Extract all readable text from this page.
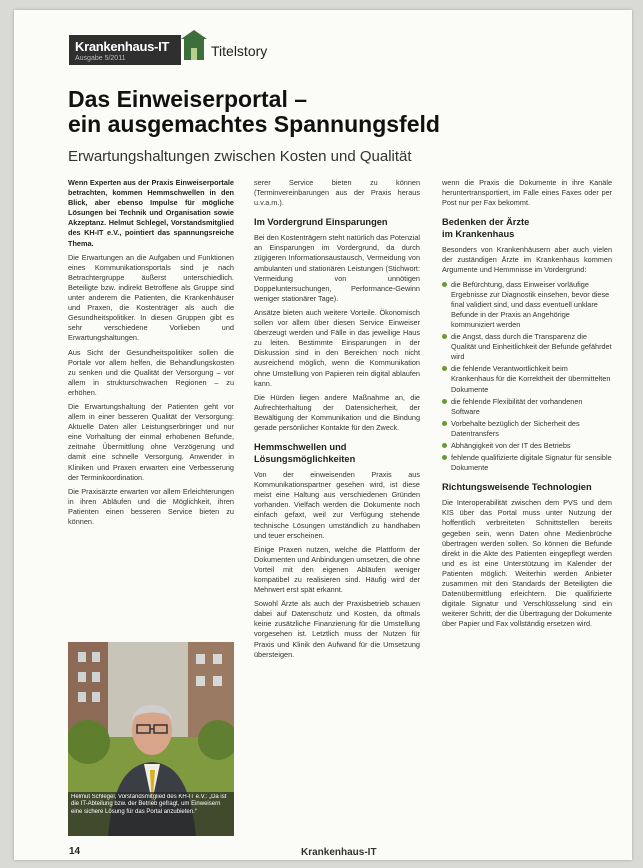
Krankenhaus-IT
Ausgabe 5/2011	Titelstory
Das Einweiserportal –
ein ausgemachtes Spannungsfeld
Erwartungshaltungen zwischen Kosten und Qualität

Wenn Experten aus der Praxis Einweiserportale betrachten, kommen Hemmschwellen in den Blick, aber ebenso Impulse für mögliche Lösungen bei Technik und Organisation sowie Akzeptanz. Helmut Schlegel, Vorstandsmitglied des KH-IT e.V., pointiert das spannungsreiche Thema.

Die Erwartungen an die Aufgaben und Funktionen eines Kommunikationsportals sind je nach Betrachtergruppe äußerst unterschiedlich. Beteiligte bzw. indirekt Betroffene als Gruppe sind unter anderem die Patienten, die Krankenhäuser und Praxen, die Kostenträger als auch die Gesundheitspolitiker. In diesen Gruppen gibt es sehr verschiedene Vorlieben und Erwartungshaltungen.

Aus Sicht der Gesundheitspolitiker sollen die Portale vor allem helfen, die Behandlungskosten zu senken und die Qualität der Versorgung – vor allem in strukturschwachen Regionen – zu erhöhen.

Die Erwartungshaltung der Patienten geht vor allem in einer besseren Qualität der Versorgung: Aktuelle Daten aller Leistungserbringer und nur eine Vorhaltung der einmal erhobenen Befunde, zeitnahe Übermittlung ohne Verzögerung und damit eine schnelle Versorgung. Anwender in Kliniken und Praxen erwarten eine Verbesserung der Terminkoordination.

Die Praxisärzte erwarten vor allem Erleichterungen in ihren Abläufen und die Möglichkeit, ihren Patienten einen besseren Service bieten zu können.

Helmut Schlegel, Vorstandsmitglied des KH-IT e.V.: „Da ist die IT-Abteilung bzw. der Betrieb gefragt, um Einweisern eine sichere Lösung für das Portal anzubieten.“

serer Service bieten zu können (Terminvereinbarungen aus der Praxis heraus u.v.a.m.).

Im Vordergrund Einsparungen

Bei den Kostenträgern steht natürlich das Potenzial an Einsparungen im Vordergrund, da durch zügigeren Informationsaustausch, Vermeidung von ambulanten und stationären Leistungen (Stichwort: Vermeidung von unnötigen Doppeluntersuchungen, Performance-Gewinn weniger stationärer Tage).

Ansätze bieten auch weitere Vorteile. Ökonomisch sollen vor allem über diesen Service Einweiser überzeugt werden und Fälle in das jeweilige Haus zu leiten. Bestimmte Einsparungen in der Diskussion sind in den Bereichen noch nicht ausreichend möglich, wenn die Kommunikation ohne Umstellung von Papieren rein digital ablaufen kann.

Die Hürden liegen andere Maßnahme an, die Aufrechterhaltung der Datensicherheit, der Bewältigung der Kommunikation und die Bindung gerade persönlicher Kontakte für den Zweck.

Hemmschwellen und
Lösungsmöglichkeiten

Von der einweisenden Praxis aus Kommunikationspartner gesehen wird, ist diese meist eine Haltung aus verschiedenen Gründen vorhanden. Vielfach werden die Dokumente noch einfach gefaxt, weil zur Verfügung stehende technische Lösungen umständlich zu handhaben und teuer erscheinen.

Einige Praxen nutzen, welche die Plattform der Dokumenten und Anbindungen umsetzen, die ohne Vorteil mit den eigenen Abläufen weniger kompatibel zu realisieren sind. Häufig wird der Mehrwert erst spät erkannt.

Sowohl Ärzte als auch der Praxisbetrieb schauen dabei auf Datenschutz und Kosten, da oftmals keine zusätzliche Finanzierung für die Umstellung vorgesehen ist. Letztlich muss der Nutzen für Praxis und Klinik den Aufwand für die Umsetzung übersteigen.

wenn die Praxis die Dokumente in ihre Kanäle heruntertransportiert, im Falle eines Faxes oder per Post nur per Fax bekommt.

Bedenken der Ärzte
im Krankenhaus

Besonders von Krankenhäusern aber auch vielen der zuständigen Ärzte im Krankenhaus kommen Argumente und Hemmnisse im Vordergrund:

die Befürchtung, dass Einweiser vorläufige Ergebnisse zur Diagnostik einsehen, bevor diese final validiert sind, und dass eventuell unklare Befunde in der Praxis an Angehörige kommuniziert werden
die Angst, dass durch die Transparenz die Qualität und Einheitlichkeit der Befunde gefährdet wird
die fehlende Verantwortlichkeit beim Krankenhaus für die Korrektheit der übermittelten Dokumente
die fehlende Flexibilität der vorhandenen Software
Vorbehalte bezüglich der Sicherheit des Datentransfers
Abhängigkeit von der IT des Betriebs
fehlende qualifizierte digitale Signatur für sensible Dokumente
Richtungsweisende Technologien

Die Interoperabilität zwischen dem PVS und dem KIS über das Portal muss unter Nutzung der hoffentlich verbreiteten Schnittstellen bereits gegeben sein, wenn Daten ohne Medienbrüche übertragen werden sollen. So können die Befunde direkt in die Akte des Patienten eingepflegt werden und es ist eine Unterstützung im Kalender der Patienten möglich. Weiterhin werden Anbieter zusammen mit den Standards der Beteiligten die Datenübermittlung erleichtern. Die qualifizierte digitale Signatur und Verschlüsselung sind ein weiterer Schritt, der die Übertragung der Dokumente über Papier und Fax vollständig ersetzen wird.

14	Krankenhaus-IT
